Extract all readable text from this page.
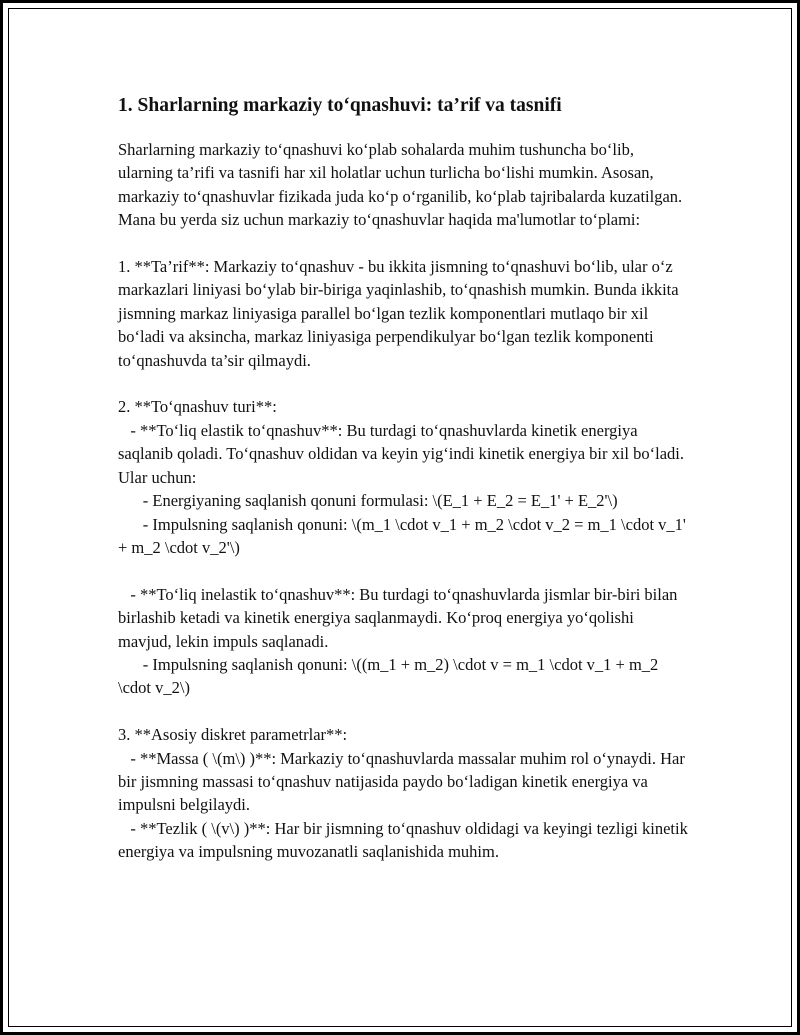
1. Sharlarning markaziy to‘qnashuvi: ta’rif va tasnifi

Sharlarning markaziy to‘qnashuvi ko‘plab sohalarda muhim tushuncha bo‘lib, ularning ta’rifi va tasnifi har xil holatlar uchun turlicha bo‘lishi mumkin. Asosan, markaziy to‘qnashuvlar fizikada juda ko‘p o‘rganilib, ko‘plab tajribalarda kuzatilgan. Mana bu yerda siz uchun markaziy to‘qnashuvlar haqida ma'lumotlar to‘plami:

1. **Ta’rif**: Markaziy to‘qnashuv - bu ikkita jismning to‘qnashuvi bo‘lib, ular o‘z markazlari liniyasi bo‘ylab bir-biriga yaqinlashib, to‘qnashish mumkin. Bunda ikkita jismning markaz liniyasiga parallel bo‘lgan tezlik komponentlari mutlaqo bir xil bo‘ladi va aksincha, markaz liniyasiga perpendikulyar bo‘lgan tezlik komponenti to‘qnashuvda ta’sir qilmaydi.

2. **To‘qnashuv turi**:
- **To‘liq elastik to‘qnashuv**: Bu turdagi to‘qnashuvlarda kinetik energiya saqlanib qoladi. To‘qnashuv oldidan va keyin yig‘indi kinetik energiya bir xil bo‘ladi. Ular uchun:
- Energiyaning saqlanish qonuni formulasi: \(E_1 + E_2 = E_1' + E_2'\)
- Impulsning saqlanish qonuni: \(m_1 \cdot v_1 + m_2 \cdot v_2 = m_1 \cdot v_1' + m_2 \cdot v_2'\)

- **To‘liq inelastik to‘qnashuv**: Bu turdagi to‘qnashuvlarda jismlar bir-biri bilan birlashib ketadi va kinetik energiya saqlanmaydi. Ko‘proq energiya yo‘qolishi mavjud, lekin impuls saqlanadi.
- Impulsning saqlanish qonuni: \((m_1 + m_2) \cdot v = m_1 \cdot v_1 + m_2 \cdot v_2\)

3. **Asosiy diskret parametrlar**:
- **Massa ( \(m\) )**: Markaziy to‘qnashuvlarda massalar muhim rol o‘ynaydi. Har bir jismning massasi to‘qnashuv natijasida paydo bo‘ladigan kinetik energiya va impulsni belgilaydi.
- **Tezlik ( \(v\) )**: Har bir jismning to‘qnashuv oldidagi va keyingi tezligi kinetik energiya va impulsning muvozanatli saqlanishida muhim.
